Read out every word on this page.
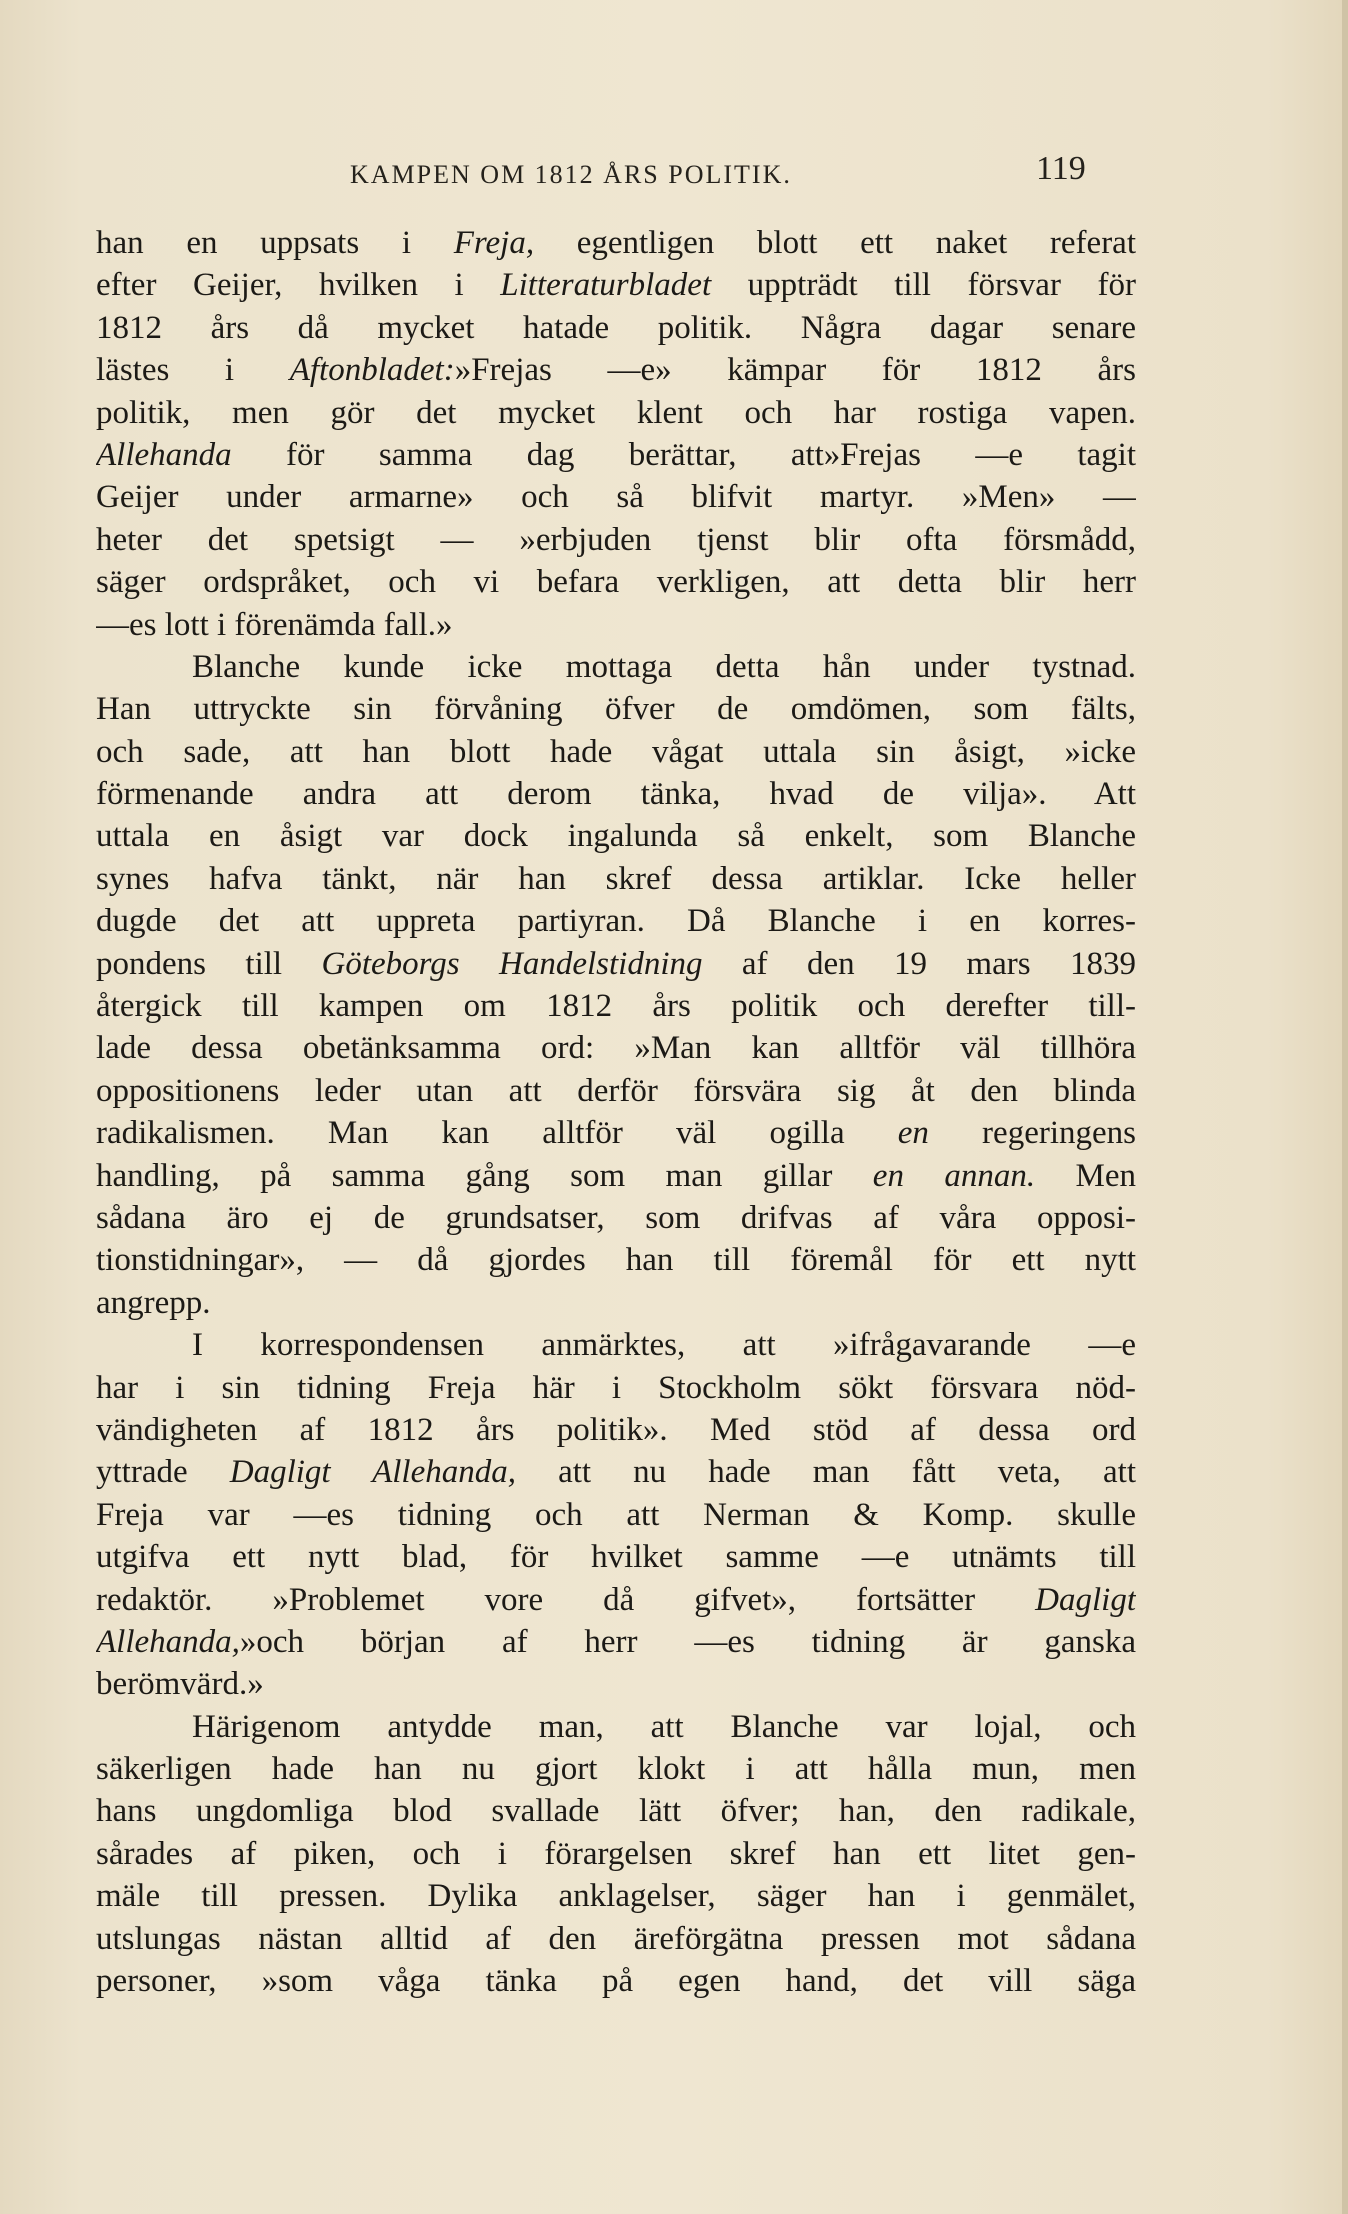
KAMPEN OM 1812 ÅRS POLITIK.	119
han en uppsats i Freja, egentligen blott ett naket referat
efter Geijer, hvilken i Litteraturbladet uppträdt till försvar för
1812 års då mycket hatade politik. Några dagar senare
lästes i Aftonbladet:»Frejas —e» kämpar för 1812 års
politik, men gör det mycket klent och har rostiga vapen.
Allehanda för samma dag berättar, att»Frejas —e tagit
Geijer under armarne» och så blifvit martyr. »Men» —
heter det spetsigt — »erbjuden tjenst blir ofta försmådd,
säger ordspråket, och vi befara verkligen, att detta blir herr
—es lott i förenämda fall.»
Blanche kunde icke mottaga detta hån under tystnad.
Han uttryckte sin förvåning öfver de omdömen, som fälts,
och sade, att han blott hade vågat uttala sin åsigt, »icke
förmenande andra att derom tänka, hvad de vilja». Att
uttala en åsigt var dock ingalunda så enkelt, som Blanche
synes hafva tänkt, när han skref dessa artiklar. Icke heller
dugde det att uppreta partiyran. Då Blanche i en korres-
pondens till Göteborgs Handelstidning af den 19 mars 1839
återgick till kampen om 1812 års politik och derefter till-
lade dessa obetänksamma ord: »Man kan alltför väl tillhöra
oppositionens leder utan att derför försvära sig åt den blinda
radikalismen. Man kan alltför väl ogilla en regeringens
handling, på samma gång som man gillar en annan. Men
sådana äro ej de grundsatser, som drifvas af våra opposi-
tionstidningar», — då gjordes han till föremål för ett nytt
angrepp.
I korrespondensen anmärktes, att »ifrågavarande —e
har i sin tidning Freja här i Stockholm sökt försvara nöd-
vändigheten af 1812 års politik». Med stöd af dessa ord
yttrade Dagligt Allehanda, att nu hade man fått veta, att
Freja var —es tidning och att Nerman & Komp. skulle
utgifva ett nytt blad, för hvilket samme —e utnämts till
redaktör. »Problemet vore då gifvet», fortsätter Dagligt
Allehanda,»och början af herr —es tidning är ganska
berömvärd.»
Härigenom antydde man, att Blanche var lojal, och
säkerligen hade han nu gjort klokt i att hålla mun, men
hans ungdomliga blod svallade lätt öfver; han, den radikale,
sårades af piken, och i förargelsen skref han ett litet gen-
mäle till pressen. Dylika anklagelser, säger han i genmälet,
utslungas nästan alltid af den äreförgätna pressen mot sådana
personer, »som våga tänka på egen hand, det vill säga
